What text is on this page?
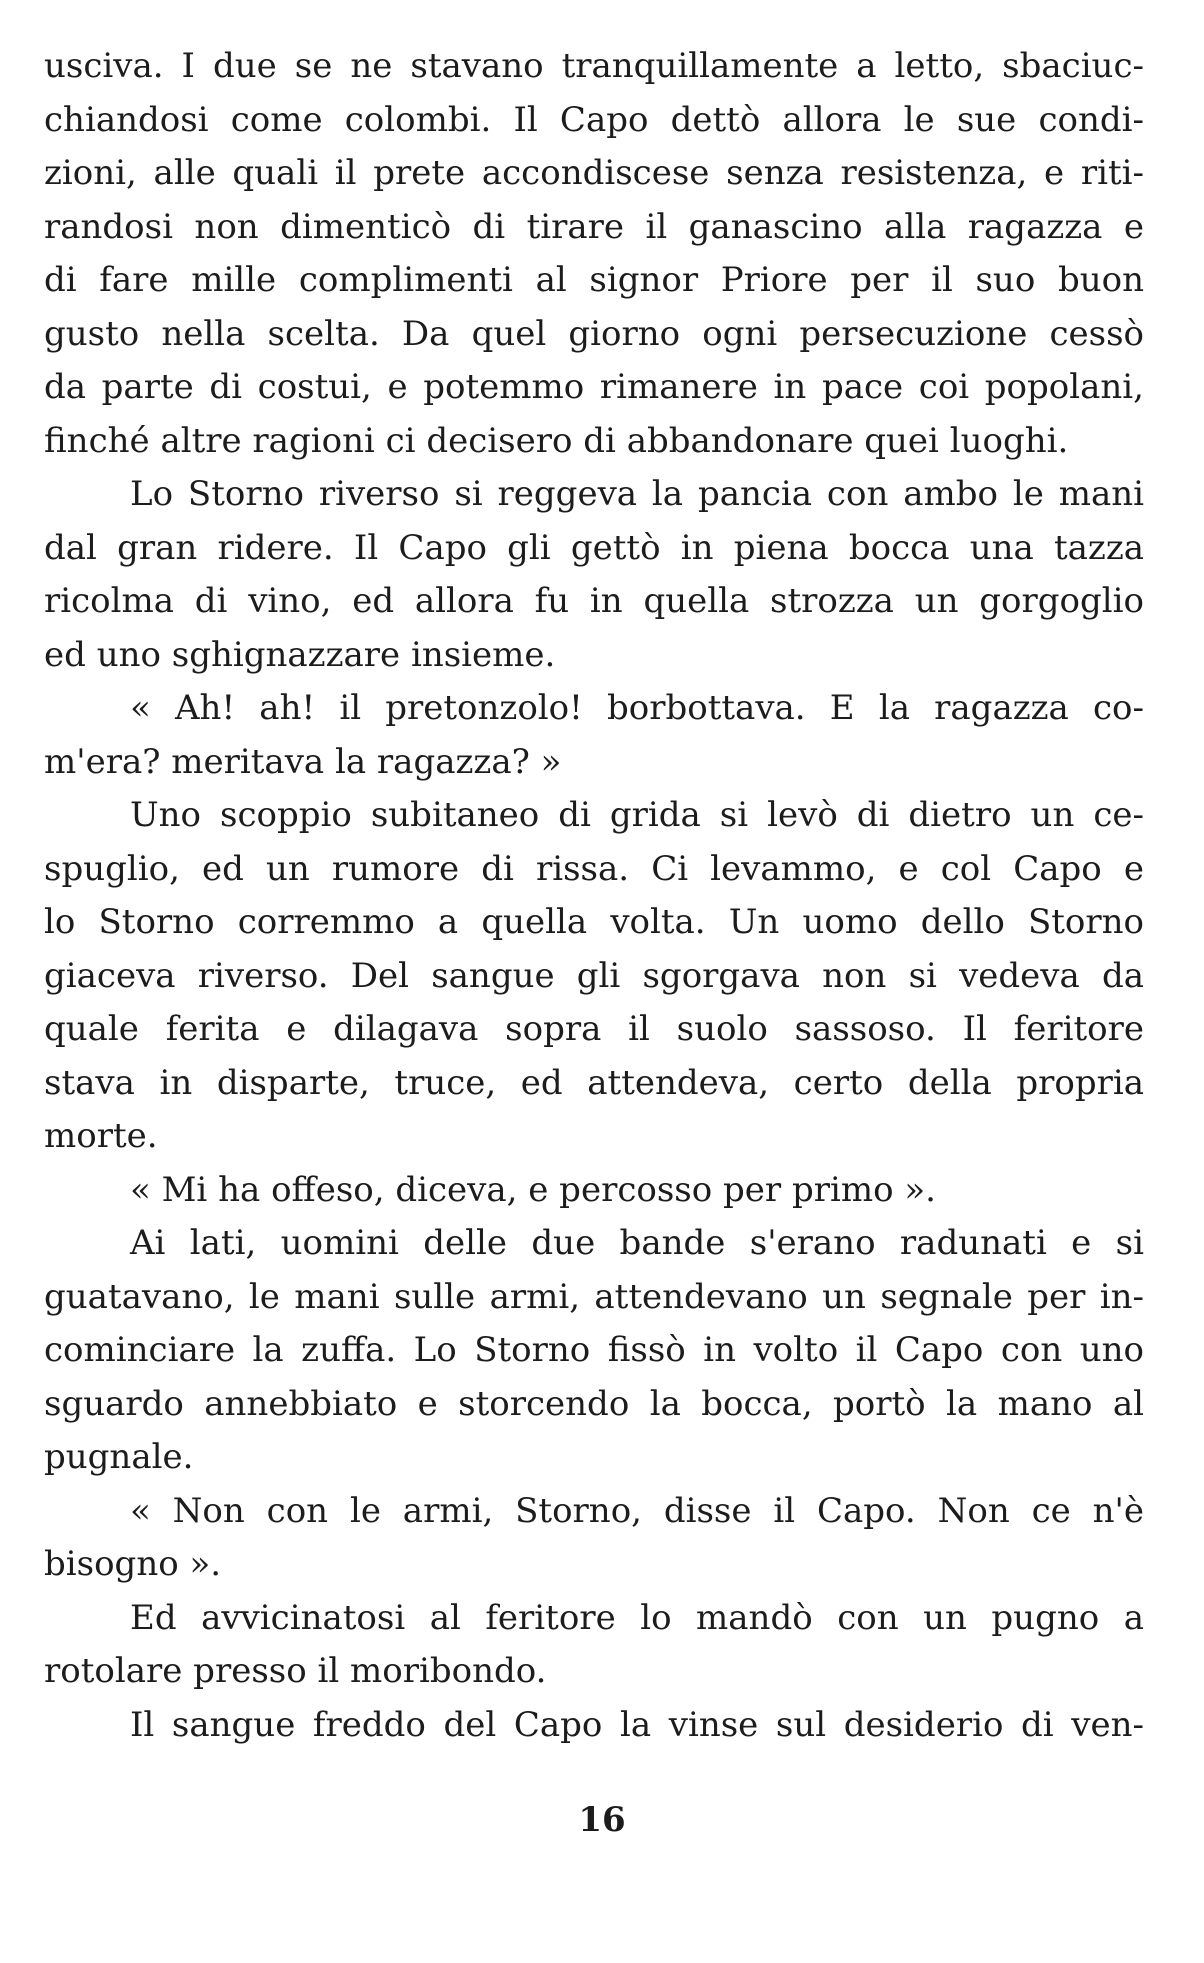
usciva. I due se ne stavano tranquillamente a letto, sbaciuc-
chiandosi come colombi. Il Capo dettò allora le sue condi-
zioni, alle quali il prete accondiscese senza resistenza, e riti-
randosi non dimenticò di tirare il ganascino alla ragazza e
di fare mille complimenti al signor Priore per il suo buon
gusto nella scelta. Da quel giorno ogni persecuzione cessò
da parte di costui, e potemmo rimanere in pace coi popolani,
finché altre ragioni ci decisero di abbandonare quei luoghi.
Lo Storno riverso si reggeva la pancia con ambo le mani
dal gran ridere. Il Capo gli gettò in piena bocca una tazza
ricolma di vino, ed allora fu in quella strozza un gorgoglio
ed uno sghignazzare insieme.
« Ah! ah! il pretonzolo! borbottava. E la ragazza co-
m'era? meritava la ragazza? »
Uno scoppio subitaneo di grida si levò di dietro un ce-
spuglio, ed un rumore di rissa. Ci levammo, e col Capo e
lo Storno corremmo a quella volta. Un uomo dello Storno
giaceva riverso. Del sangue gli sgorgava non si vedeva da
quale ferita e dilagava sopra il suolo sassoso. Il feritore
stava in disparte, truce, ed attendeva, certo della propria
morte.
« Mi ha offeso, diceva, e percosso per primo ».
Ai lati, uomini delle due bande s'erano radunati e si
guatavano, le mani sulle armi, attendevano un segnale per in-
cominciare la zuffa. Lo Storno fissò in volto il Capo con uno
sguardo annebbiato e storcendo la bocca, portò la mano al
pugnale.
« Non con le armi, Storno, disse il Capo. Non ce n'è
bisogno ».
Ed avvicinatosi al feritore lo mandò con un pugno a
rotolare presso il moribondo.
Il sangue freddo del Capo la vinse sul desiderio di ven-
16
